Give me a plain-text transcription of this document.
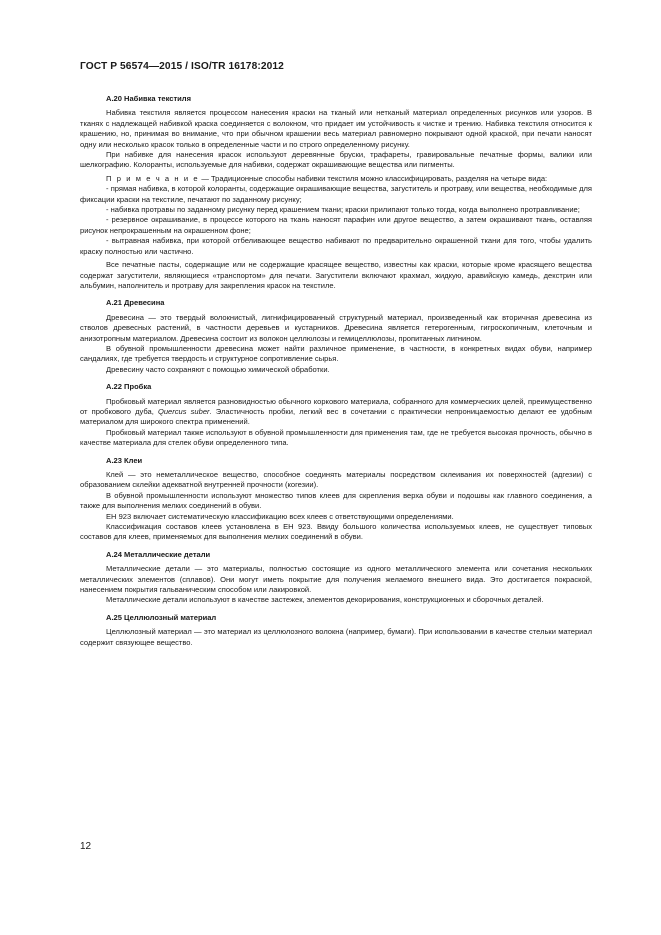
ГОСТ Р 56574—2015 / ISO/TR 16178:2012
А.20 Набивка текстиля

Набивка текстиля является процессом нанесения краски на тканый или нетканый материал определенных рисунков или узоров. В тканях с надлежащей набивкой краска соединяется с волокном, что придает им устойчивость к чистке и трению. Набивка текстиля относится к крашению, но, принимая во внимание, что при обычном крашении весь материал равномерно покрывают одной краской, при печати наносят одну или несколько красок только в определенные части и по строго определенному рисунку.

При набивке для нанесения красок используют деревянные бруски, трафареты, гравировальные печатные формы, валики или шелкографию. Колоранты, используемые для набивки, содержат окрашивающие вещества или пигменты.

П р и м е ч а н и е — Традиционные способы набивки текстиля можно классифицировать, разделяя на четыре вида:

- прямая набивка, в которой колоранты, содержащие окрашивающие вещества, загуститель и протраву, или вещества, необходимые для фиксации краски на текстиле, печатают по заданному рисунку;

- набивка протравы по заданному рисунку перед крашением ткани; краски прилипают только тогда, когда выполнено протравливание;

- резервное окрашивание, в процессе которого на ткань наносят парафин или другое вещество, а затем окрашивают ткань, оставляя рисунок непрокрашенным на окрашенном фоне;

- вытравная набивка, при которой отбеливающее вещество набивают по предварительно окрашенной ткани для того, чтобы удалить краску полностью или частично.

Все печатные пасты, содержащие или не содержащие красящее вещество, известны как краски, которые кроме красящего вещества содержат загустители, являющиеся «транспортом» для печати. Загустители включают крахмал, жидкую, аравийскую камедь, декстрин или альбумин, наполнитель и протраву для закрепления красок на текстиле.

А.21 Древесина

Древесина — это твердый волокнистый, лигнифицированный структурный материал, произведенный как вторичная древесина из стволов древесных растений, в частности деревьев и кустарников. Древесина является гетерогенным, гигроскопичным, клеточным и анизотропным материалом. Древесина состоит из волокон целлюлозы и гемицеллюлозы, пропитанных лигнином.

В обувной промышленности древесина может найти различное применение, в частности, в конкретных видах обуви, например сандалиях, где требуется твердость и структурное сопротивление сырья.

Древесину часто сохраняют с помощью химической обработки.

А.22 Пробка

Пробковый материал является разновидностью обычного коркового материала, собранного для коммерческих целей, преимущественно от пробкового дуба, Quercus suber. Эластичность пробки, легкий вес в сочетании с практически непроницаемостью делают ее удобным материалом для широкого спектра применений.

Пробковый материал также используют в обувной промышленности для применения там, где не требуется высокая прочность, обычно в качестве материала для стелек обуви определенного типа.

А.23 Клеи

Клей — это неметаллическое вещество, способное соединять материалы посредством склеивания их поверхностей (адгезии) с образованием склейки адекватной внутренней прочности (когезии).

В обувной промышленности используют множество типов клеев для скрепления верха обуви и подошвы как главного соединения, а также для выполнения мелких соединений в обуви.

ЕН 923 включает систематическую классификацию всех клеев с ответствующими определениями.

Классификация составов клеев установлена в ЕН 923. Ввиду большого количества используемых клеев, не существует типовых составов для клеев, применяемых для выполнения мелких соединений в обуви.

А.24 Металлические детали

Металлические детали — это материалы, полностью состоящие из одного металлического элемента или сочетания нескольких металлических элементов (сплавов). Они могут иметь покрытие для получения желаемого внешнего вида. Это достигается покраской, нанесением покрытия гальваническим способом или лакировкой.

Металлические детали используют в качестве застежек, элементов декорирования, конструкционных и сборочных деталей.

А.25 Целлюлозный материал

Целлюлозный материал — это материал из целлюлозного волокна (например, бумаги). При использовании в качестве стельки материал содержит связующее вещество.

12
